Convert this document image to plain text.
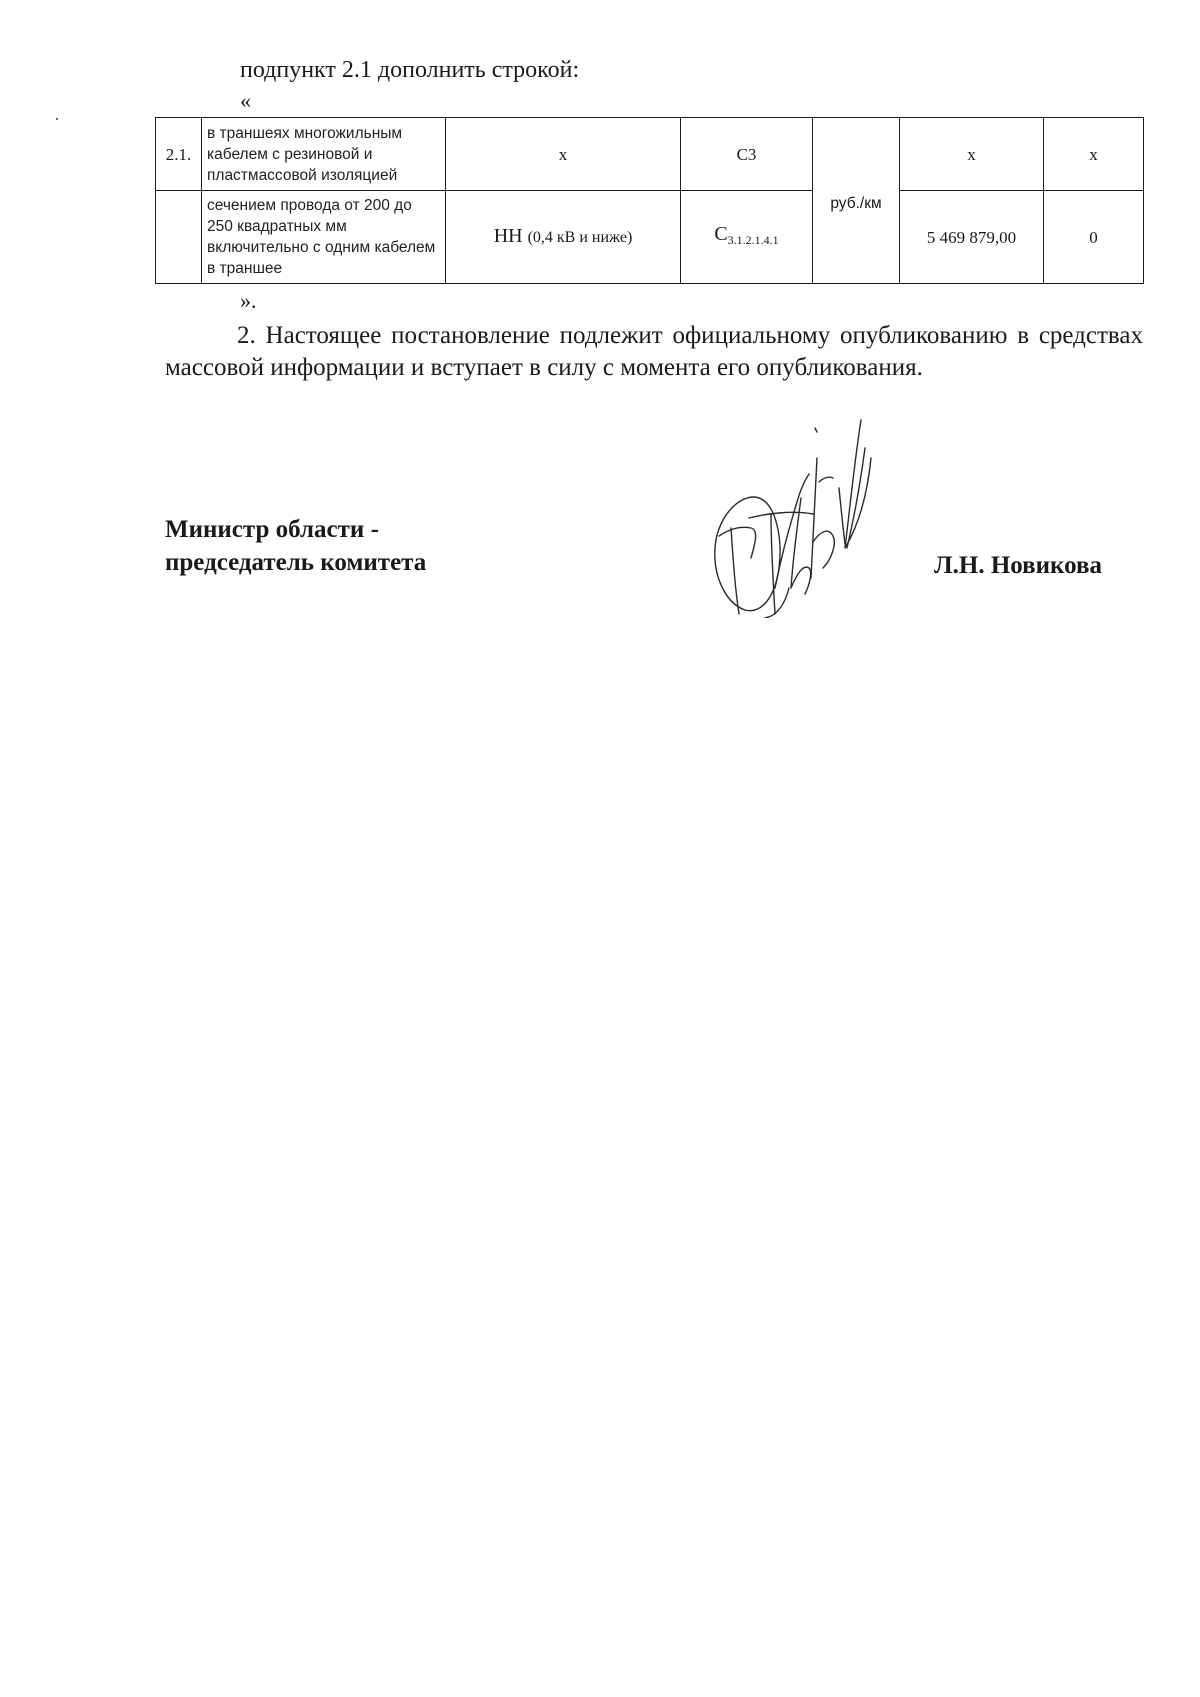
подпункт 2.1 дополнить строкой:
«
2.1.	в траншеях многожильным кабелем с резиновой и пластмассовой изоляцией	х	С3	руб./км	х	х
	сечением провода от 200 до 250 квадратных мм включительно с одним кабелем в траншее	НН (0,4 кВ и ниже)	$С_{3.1.2.1.4.1}$		5 469 879,00	0
».
2. Настоящее постановление подлежит официальному опубликованию в средствах массовой информации и вступает в силу с момента его опубликования.
Министр области -
председатель комитета	Л.Н. Новикова
